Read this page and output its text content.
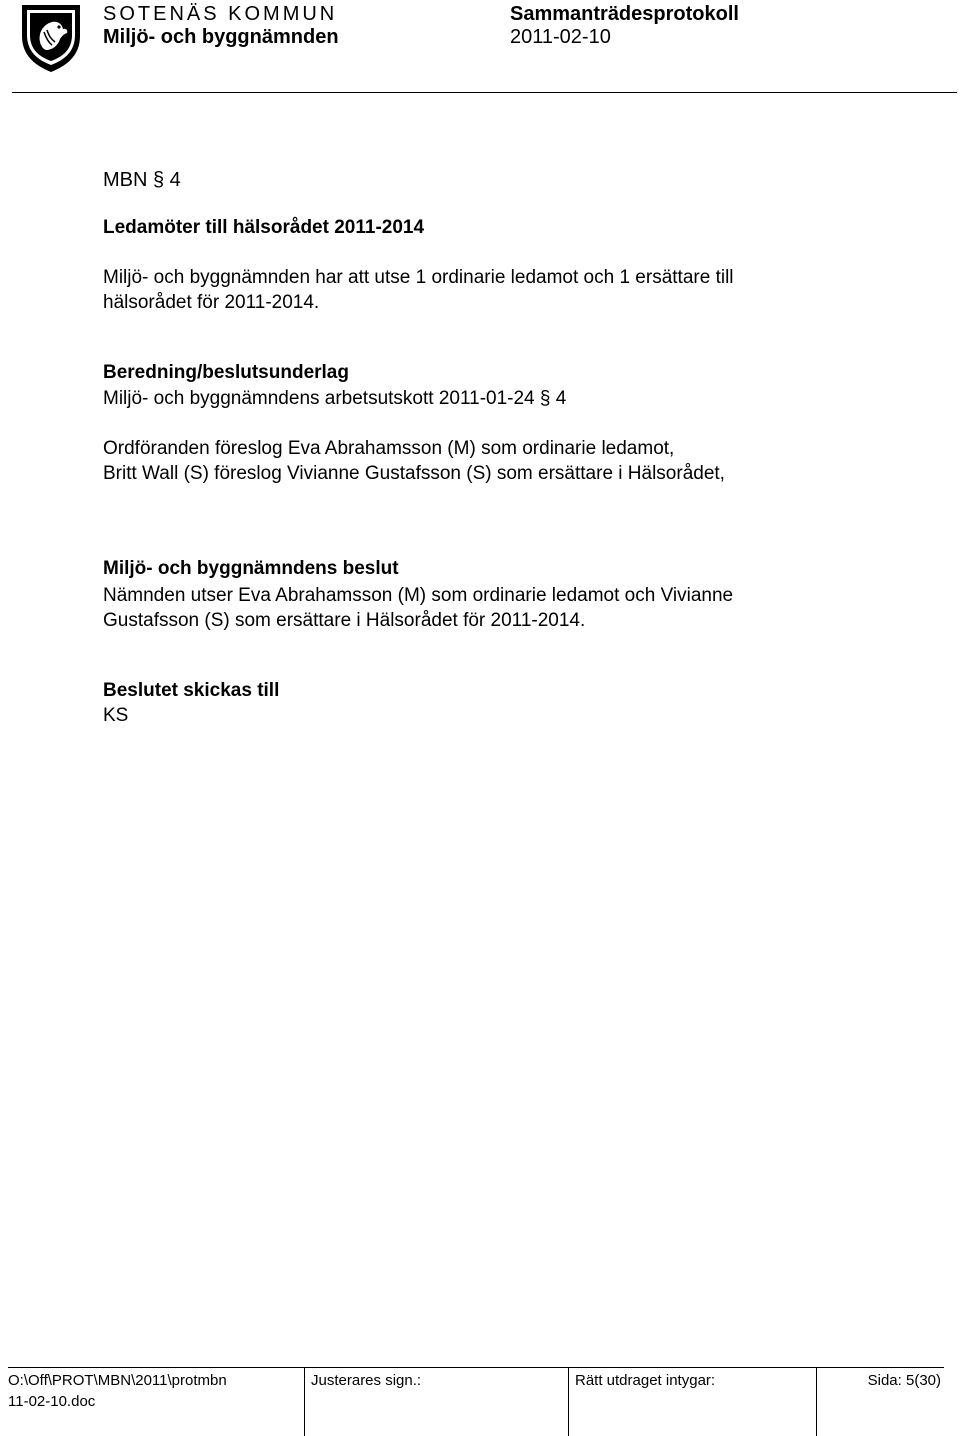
SOTENÄS KOMMUN
Miljö- och byggnämnden
Sammanträdesprotokoll
2011-02-10
MBN § 4
Ledamöter till hälsorådet 2011-2014
Miljö- och byggnämnden har att utse 1 ordinarie ledamot och 1 ersättare till
hälsorådet för 2011-2014.
Beredning/beslutsunderlag
Miljö- och byggnämndens arbetsutskott 2011-01-24 § 4
Ordföranden föreslog Eva Abrahamsson (M) som ordinarie ledamot,
Britt Wall (S) föreslog Vivianne Gustafsson (S) som ersättare i Hälsorådet,
Miljö- och byggnämndens beslut
Nämnden utser Eva Abrahamsson (M) som ordinarie ledamot och Vivianne
Gustafsson (S) som ersättare i Hälsorådet för 2011-2014.
Beslutet skickas till
KS
O:\Off\PROT\MBN\2011\protmbn
11-02-10.doc
Justerares sign.:	Rätt utdraget intygar:	Sida: 5(30)
